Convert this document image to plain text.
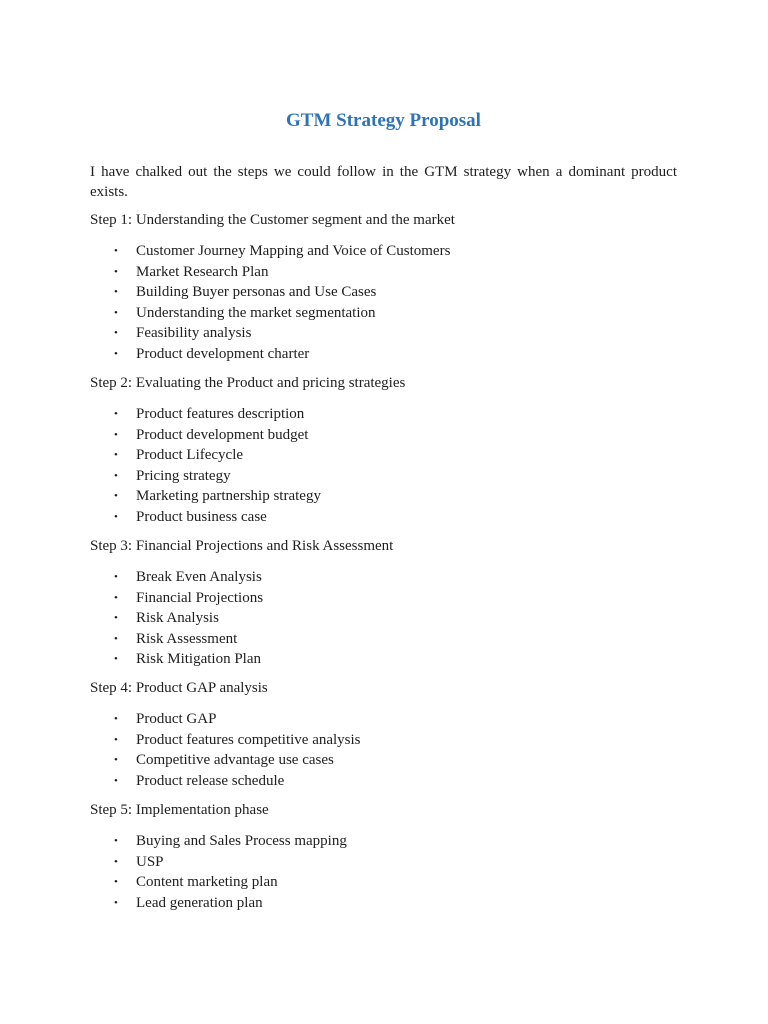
GTM Strategy Proposal
I have chalked out the steps we could follow in the GTM strategy when a dominant product exists.

Step 1: Understanding the Customer segment and the market

• Customer Journey Mapping and Voice of Customers
• Market Research Plan
• Building Buyer personas and Use Cases
• Understanding the market segmentation
• Feasibility analysis
• Product development charter

Step 2: Evaluating the Product and pricing strategies

• Product features description
• Product development budget
• Product Lifecycle
• Pricing strategy
• Marketing partnership strategy
• Product business case

Step 3: Financial Projections and Risk Assessment

• Break Even Analysis
• Financial Projections
• Risk Analysis
• Risk Assessment
• Risk Mitigation Plan

Step 4: Product GAP analysis

• Product GAP
• Product features competitive analysis
• Competitive advantage use cases
• Product release schedule

Step 5: Implementation phase

• Buying and Sales Process mapping
• USP
• Content marketing plan
• Lead generation plan
